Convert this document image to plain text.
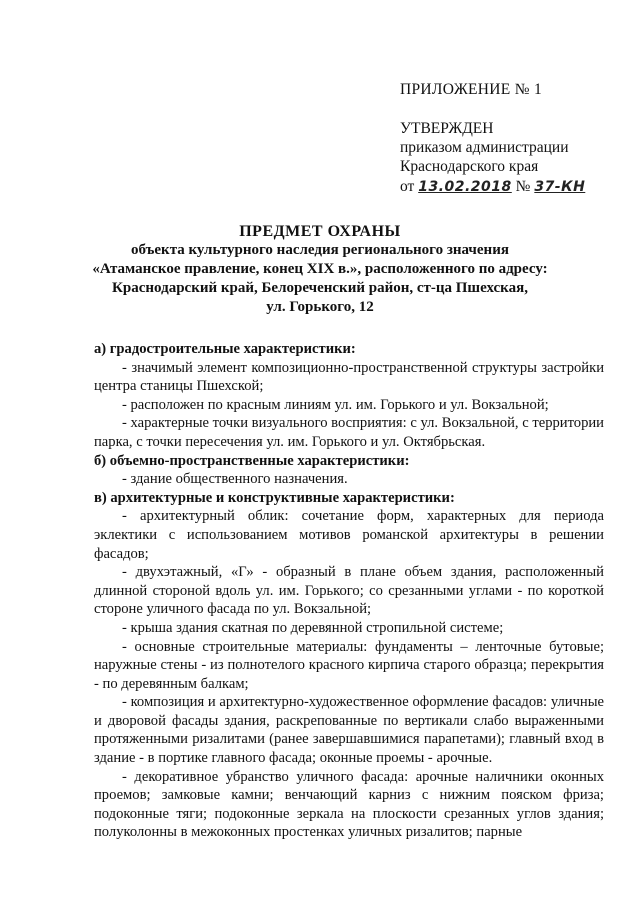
ПРИЛОЖЕНИЕ № 1
УТВЕРЖДЕН
приказом администрации
Краснодарского края
от 13.02.2018 № 37-КН
ПРЕДМЕТ ОХРАНЫ
объекта культурного наследия регионального значения
«Атаманское правление, конец XIX в.», расположенного по адресу:
Краснодарский край, Белореченский район, ст-ца Пшехская,
ул. Горького, 12

а) градостроительные характеристики:

- значимый элемент композиционно-пространственной структуры застройки центра станицы Пшехской;

- расположен по красным линиям ул. им. Горького и ул. Вокзальной;

- характерные точки визуального восприятия: с ул. Вокзальной, с территории парка, с точки пересечения ул. им. Горького и ул. Октябрьская.

б) объемно-пространственные характеристики:

- здание общественного назначения.

в) архитектурные и конструктивные характеристики:

- архитектурный облик: сочетание форм, характерных для периода эклектики с использованием мотивов романской архитектуры в решении фасадов;

- двухэтажный, «Г» - образный в плане объем здания, расположенный длинной стороной вдоль ул. им. Горького; со срезанными углами - по короткой стороне уличного фасада по ул. Вокзальной;

- крыша здания скатная по деревянной стропильной системе;

- основные строительные материалы: фундаменты – ленточные бутовые; наружные стены - из полнотелого красного кирпича старого образца; перекрытия - по деревянным балкам;

- композиция и архитектурно-художественное оформление фасадов: уличные и дворовой фасады здания, раскрепованные по вертикали слабо выраженными протяженными ризалитами (ранее завершавшимися парапетами); главный вход в здание - в портике главного фасада; оконные проемы - арочные.

- декоративное убранство уличного фасада: арочные наличники оконных проемов; замковые камни; венчающий карниз с нижним пояском фриза; подоконные тяги; подоконные зеркала на плоскости срезанных углов здания; полуколонны в межоконных простенках уличных ризалитов; парные
